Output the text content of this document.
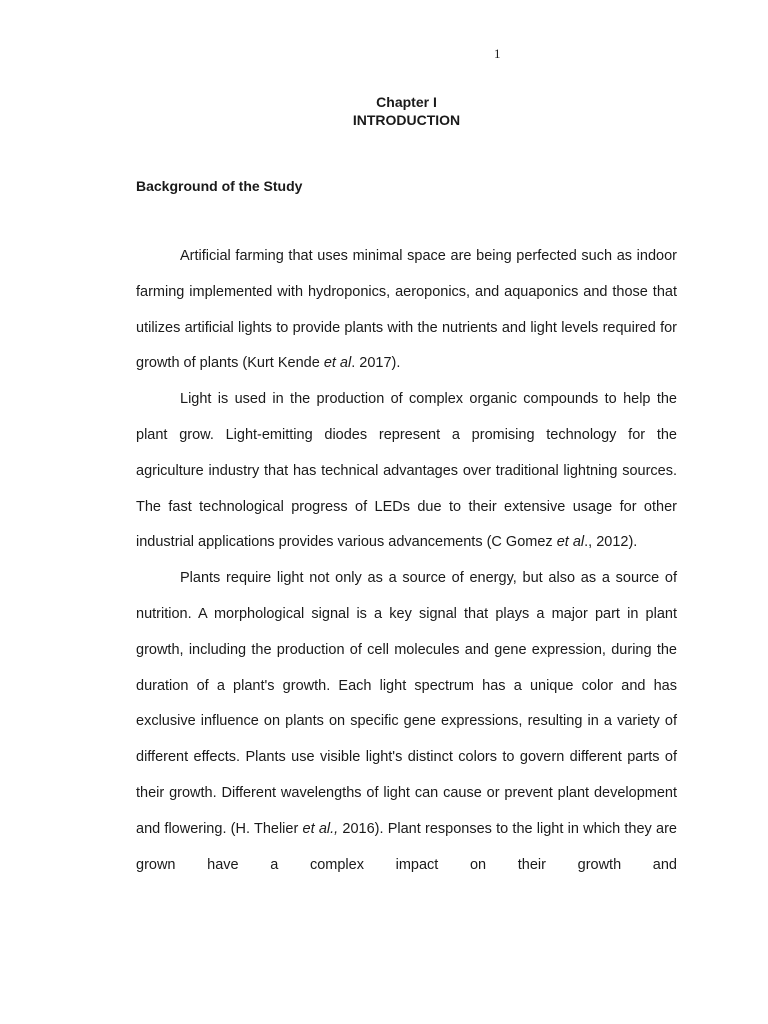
1
Chapter I
INTRODUCTION
Background of the Study

Artificial farming that uses minimal space are being perfected such as indoor farming implemented with hydroponics, aeroponics, and aquaponics and those that utilizes artificial lights to provide plants with the nutrients and light levels required for growth of plants (Kurt Kende et al. 2017).

Light is used in the production of complex organic compounds to help the plant grow. Light-emitting diodes represent a promising technology for the agriculture industry that has technical advantages over traditional lightning sources. The fast technological progress of LEDs due to their extensive usage for other industrial applications provides various advancements (C Gomez et al., 2012).

Plants require light not only as a source of energy, but also as a source of nutrition. A morphological signal is a key signal that plays a major part in plant growth, including the production of cell molecules and gene expression, during the duration of a plant's growth. Each light spectrum has a unique color and has exclusive influence on plants on specific gene expressions, resulting in a variety of different effects. Plants use visible light's distinct colors to govern different parts of their growth. Different wavelengths of light can cause or prevent plant development and flowering. (H. Thelier et al., 2016). Plant responses to the light in which they are grown have a complex impact on their growth and
